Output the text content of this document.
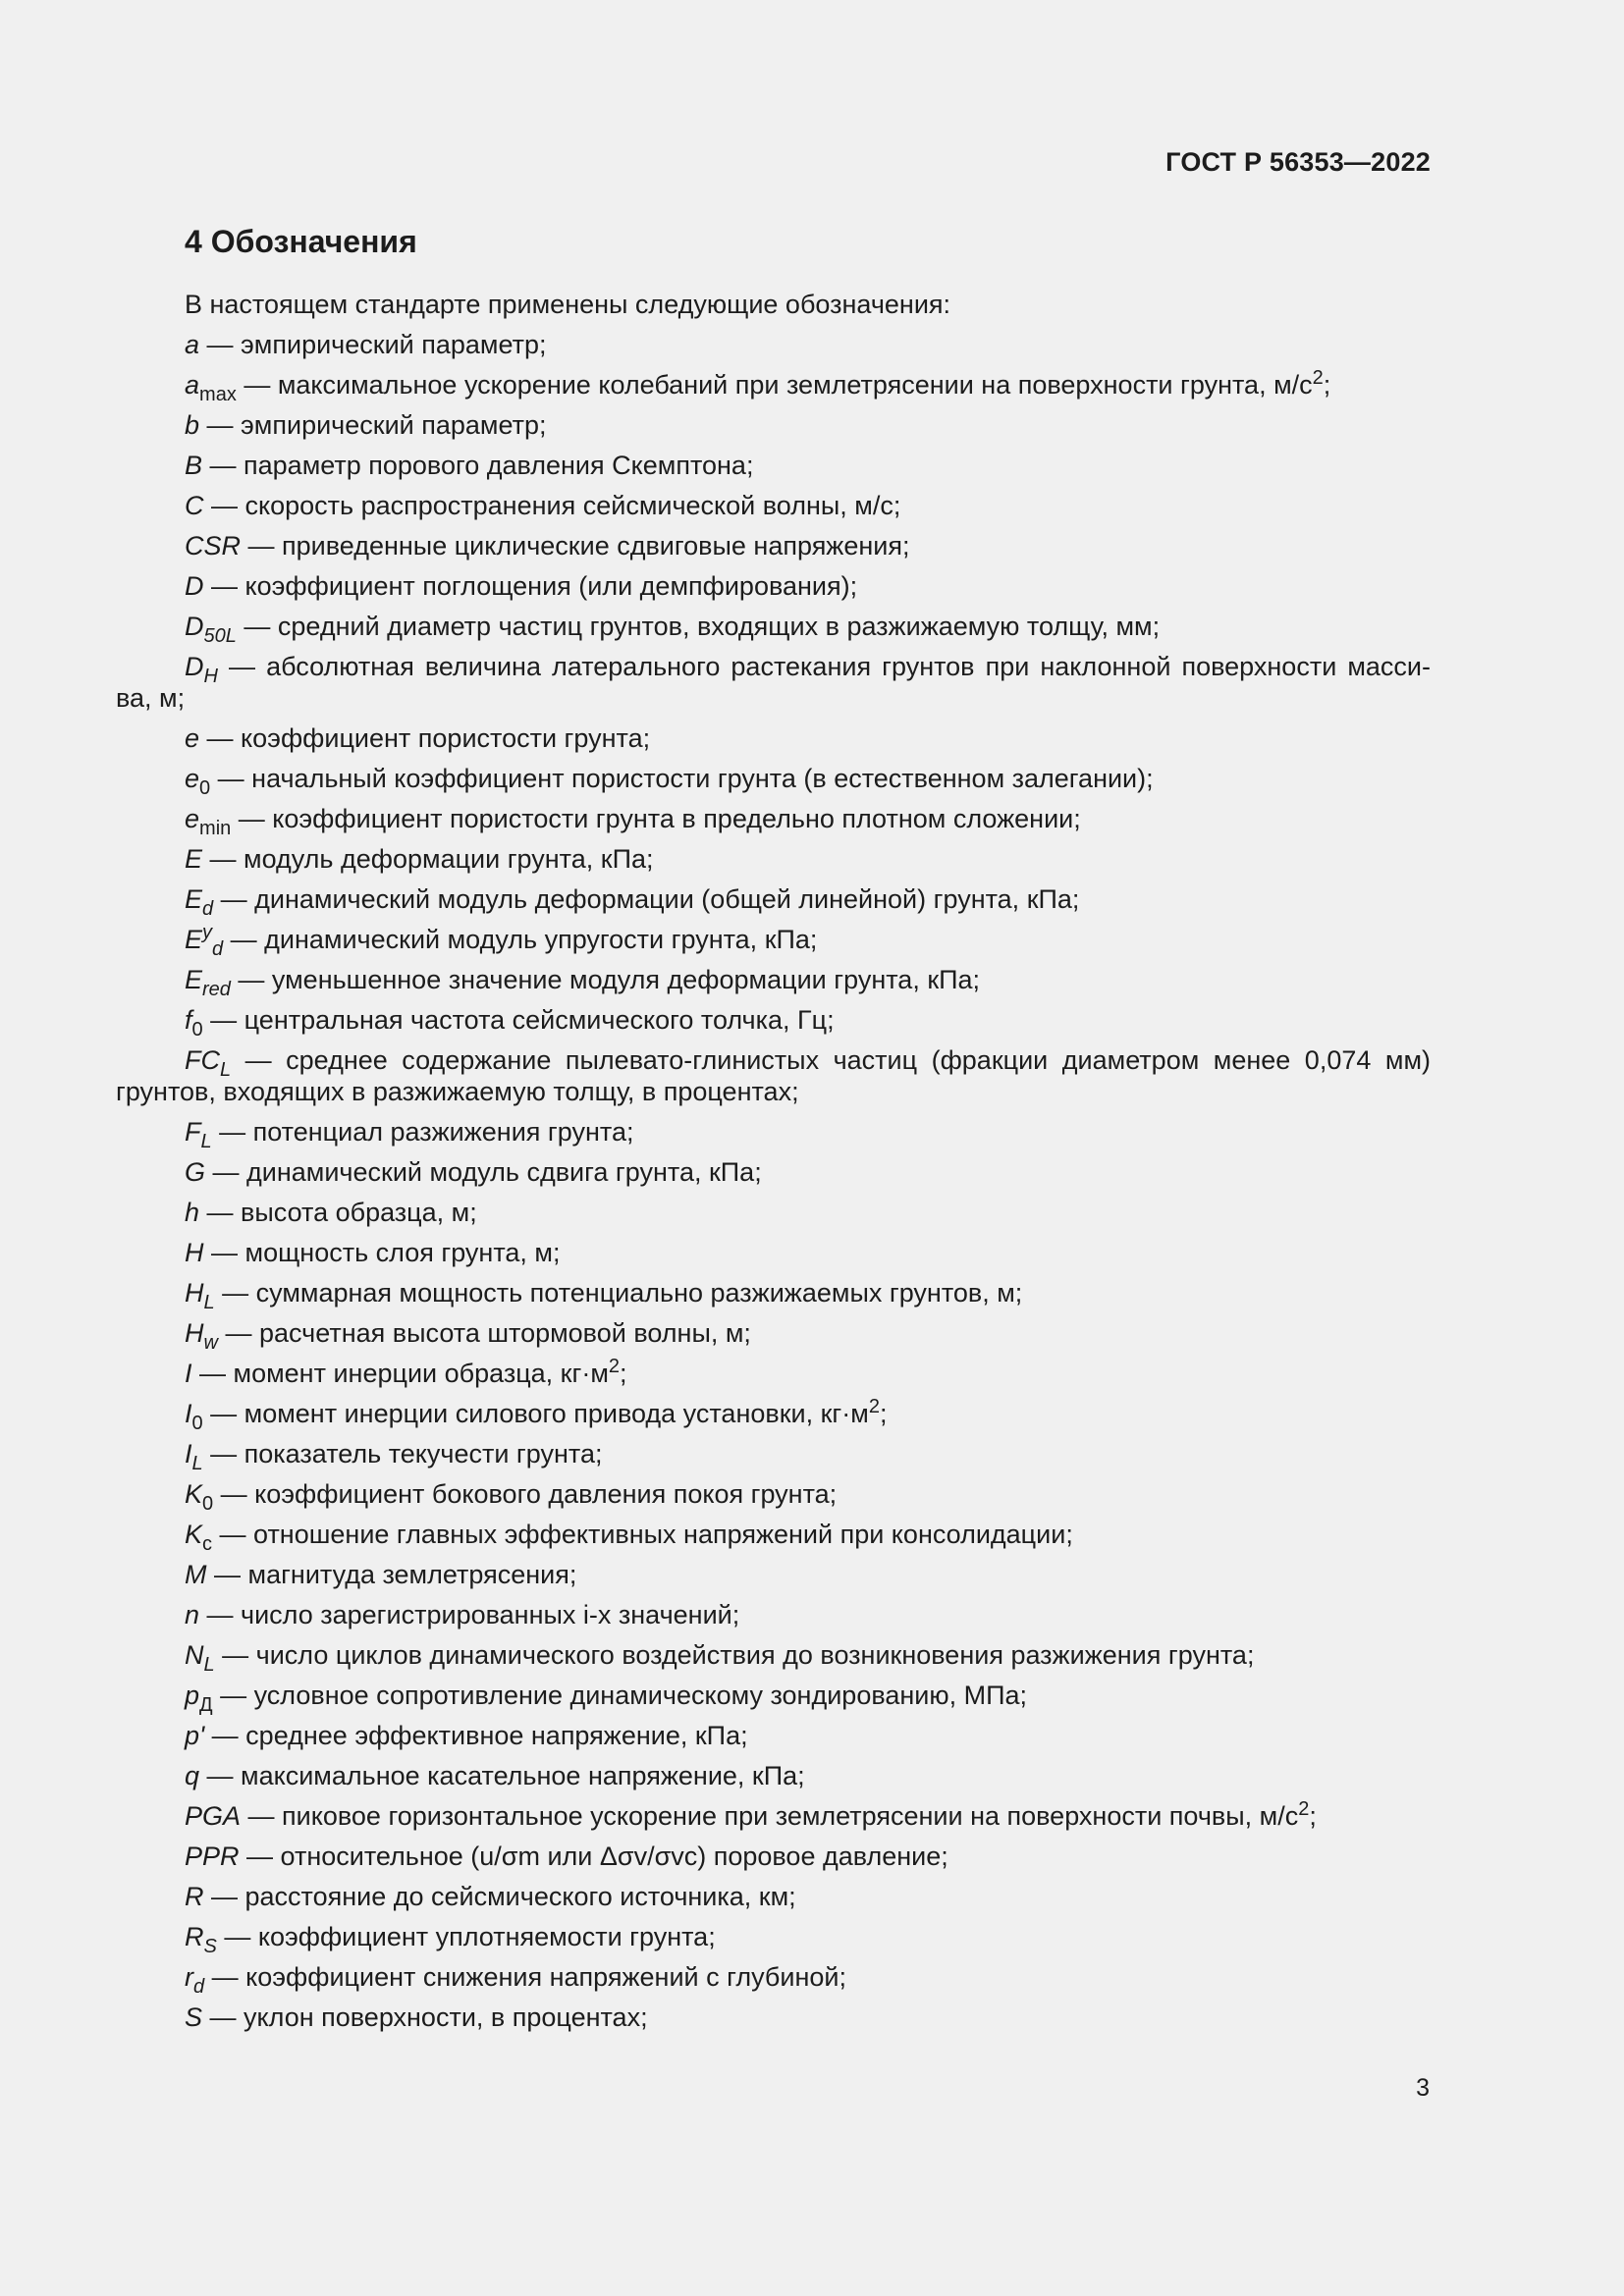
ГОСТ Р 56353—2022
4 Обозначения
В настоящем стандарте применены следующие обозначения:
a — эмпирический параметр;
$a_{max}$ — максимальное ускорение колебаний при землетрясении на поверхности грунта, $м/с^2$;
b — эмпирический параметр;
B — параметр порового давления Скемптона;
C — скорость распространения сейсмической волны, м/с;
CSR — приведенные циклические сдвиговые напряжения;
D — коэффициент поглощения (или демпфирования);
$D_{50L}$ — средний диаметр частиц грунтов, входящих в разжижаемую толщу, мм;
$D_H$ — абсолютная величина латерального растекания грунтов при наклонной поверхности масси-ва, м;
e — коэффициент пористости грунта;
$e_0$ — начальный коэффициент пористости грунта (в естественном залегании);
$e_{min}$ — коэффициент пористости грунта в предельно плотном сложении;
E — модуль деформации грунта, кПа;
$E_d$ — динамический модуль деформации (общей линейной) грунта, кПа;
$E^y_d$ — динамический модуль упругости грунта, кПа;
$E_{red}$ — уменьшенное значение модуля деформации грунта, кПа;
$f_0$ — центральная частота сейсмического толчка, Гц;
$FC_L$ — среднее содержание пылевато-глинистых частиц (фракции диаметром менее 0,074 мм) грунтов, входящих в разжижаемую толщу, в процентах;
$F_L$ — потенциал разжижения грунта;
G — динамический модуль сдвига грунта, кПа;
h — высота образца, м;
H — мощность слоя грунта, м;
$H_L$ — суммарная мощность потенциально разжижаемых грунтов, м;
$H_w$ — расчетная высота штормовой волны, м;
I — момент инерции образца, $кг\cdot м^2$;
$I_0$ — момент инерции силового привода установки, $кг\cdot м^2$;
$I_L$ — показатель текучести грунта;
$K_0$ — коэффициент бокового давления покоя грунта;
$K_c$ — отношение главных эффективных напряжений при консолидации;
M — магнитуда землетрясения;
n — число зарегистрированных i-х значений;
$N_L$ — число циклов динамического воздействия до возникновения разжижения грунта;
$p_Д$ — условное сопротивление динамическому зондированию, МПа;
p' — среднее эффективное напряжение, кПа;
q — максимальное касательное напряжение, кПа;
PGA — пиковое горизонтальное ускорение при землетрясении на поверхности почвы, $м/с^2$;
PPR — относительное (u/σm или Δσv/σvc) поровое давление;
R — расстояние до сейсмического источника, км;
$R_S$ — коэффициент уплотняемости грунта;
$r_d$ — коэффициент снижения напряжений с глубиной;
S — уклон поверхности, в процентах;
3
